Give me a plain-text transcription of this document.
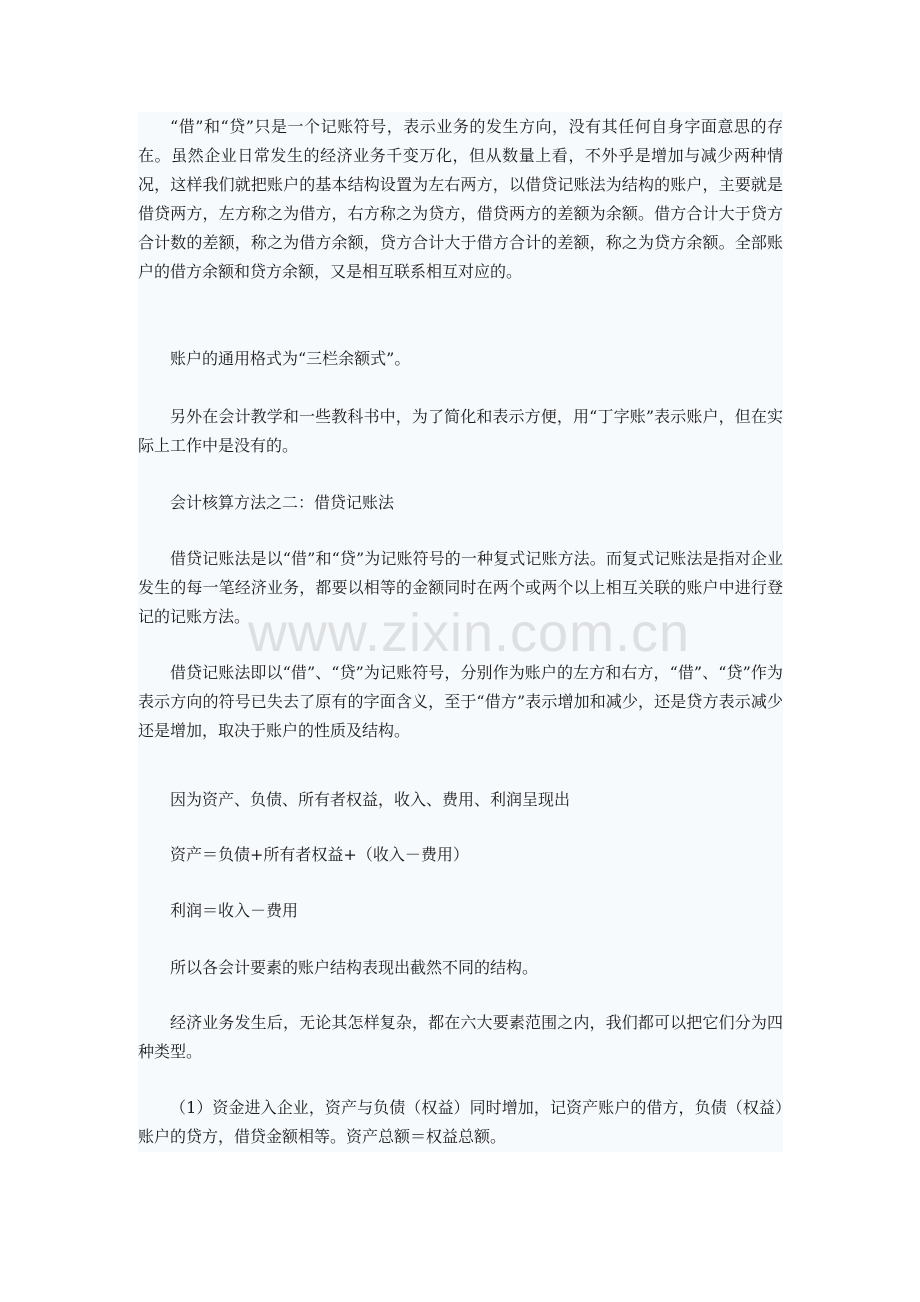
“借”和“贷”只是一个记账符号，表示业务的发生方向，没有其任何自身字面意思的存在。虽然企业日常发生的经济业务千变万化，但从数量上看，不外乎是增加与减少两种情况，这样我们就把账户的基本结构设置为左右两方，以借贷记账法为结构的账户，主要就是借贷两方，左方称之为借方，右方称之为贷方，借贷两方的差额为余额。借方合计大于贷方合计数的差额，称之为借方余额，贷方合计大于借方合计的差额，称之为贷方余额。全部账户的借方余额和贷方余额，又是相互联系相互对应的。

账户的通用格式为“三栏余额式”。

另外在会计教学和一些教科书中，为了简化和表示方便，用“丁字账”表示账户，但在实际上工作中是没有的。

会计核算方法之二：借贷记账法

借贷记账法是以“借”和“贷”为记账符号的一种复式记账方法。而复式记账法是指对企业发生的每一笔经济业务，都要以相等的金额同时在两个或两个以上相互关联的账户中进行登记的记账方法。

借贷记账法即以“借”、“贷”为记账符号，分别作为账户的左方和右方，“借”、“贷”作为表示方向的符号已失去了原有的字面含义，至于“借方”表示增加和减少，还是贷方表示减少还是增加，取决于账户的性质及结构。

因为资产、负债、所有者权益，收入、费用、利润呈现出

资产＝负债+所有者权益+（收入－费用）

利润＝收入－费用

所以各会计要素的账户结构表现出截然不同的结构。

经济业务发生后，无论其怎样复杂，都在六大要素范围之内，我们都可以把它们分为四种类型。

（1）资金进入企业，资产与负债（权益）同时增加，记资产账户的借方，负债（权益）账户的贷方，借贷金额相等。资产总额＝权益总额。

www.zixin.com.cn
